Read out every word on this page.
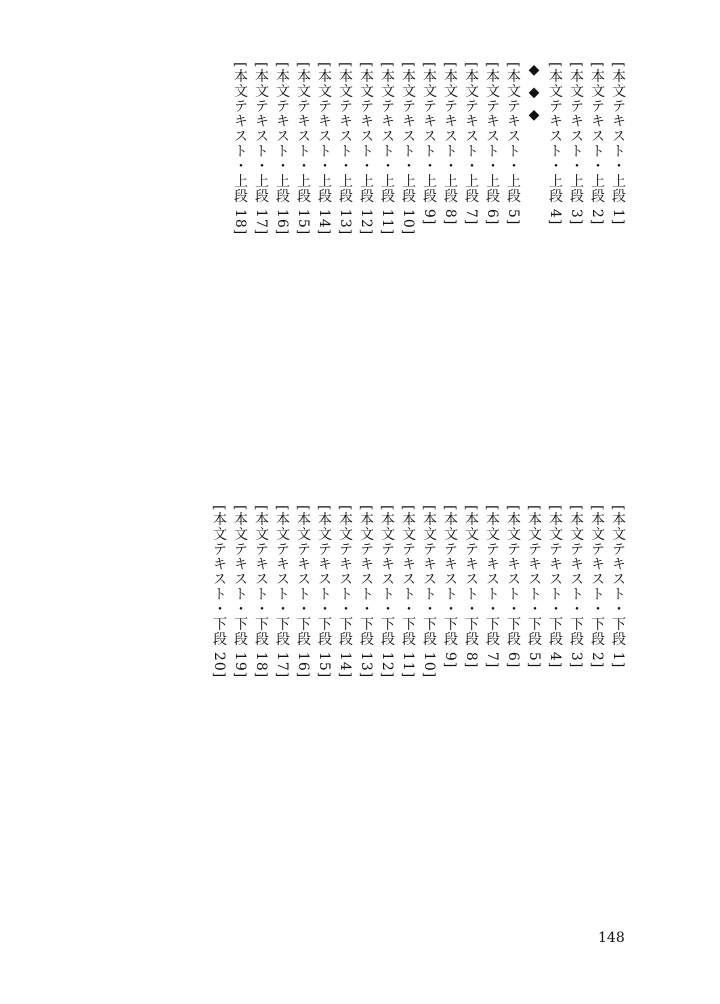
[本文テキスト・上段 1]
[本文テキスト・上段 2]
[本文テキスト・上段 3]
[本文テキスト・上段 4]
◆ ◆ ◆
[本文テキスト・上段 5]
[本文テキスト・上段 6]
[本文テキスト・上段 7]
[本文テキスト・上段 8]
[本文テキスト・上段 9]
[本文テキスト・上段 10]
[本文テキスト・上段 11]
[本文テキスト・上段 12]
[本文テキスト・上段 13]
[本文テキスト・上段 14]
[本文テキスト・上段 15]
[本文テキスト・上段 16]
[本文テキスト・上段 17]
[本文テキスト・上段 18]
[本文テキスト・下段 1]
[本文テキスト・下段 2]
[本文テキスト・下段 3]
[本文テキスト・下段 4]
[本文テキスト・下段 5]
[本文テキスト・下段 6]
[本文テキスト・下段 7]
[本文テキスト・下段 8]
[本文テキスト・下段 9]
[本文テキスト・下段 10]
[本文テキスト・下段 11]
[本文テキスト・下段 12]
[本文テキスト・下段 13]
[本文テキスト・下段 14]
[本文テキスト・下段 15]
[本文テキスト・下段 16]
[本文テキスト・下段 17]
[本文テキスト・下段 18]
[本文テキスト・下段 19]
[本文テキスト・下段 20]
148
